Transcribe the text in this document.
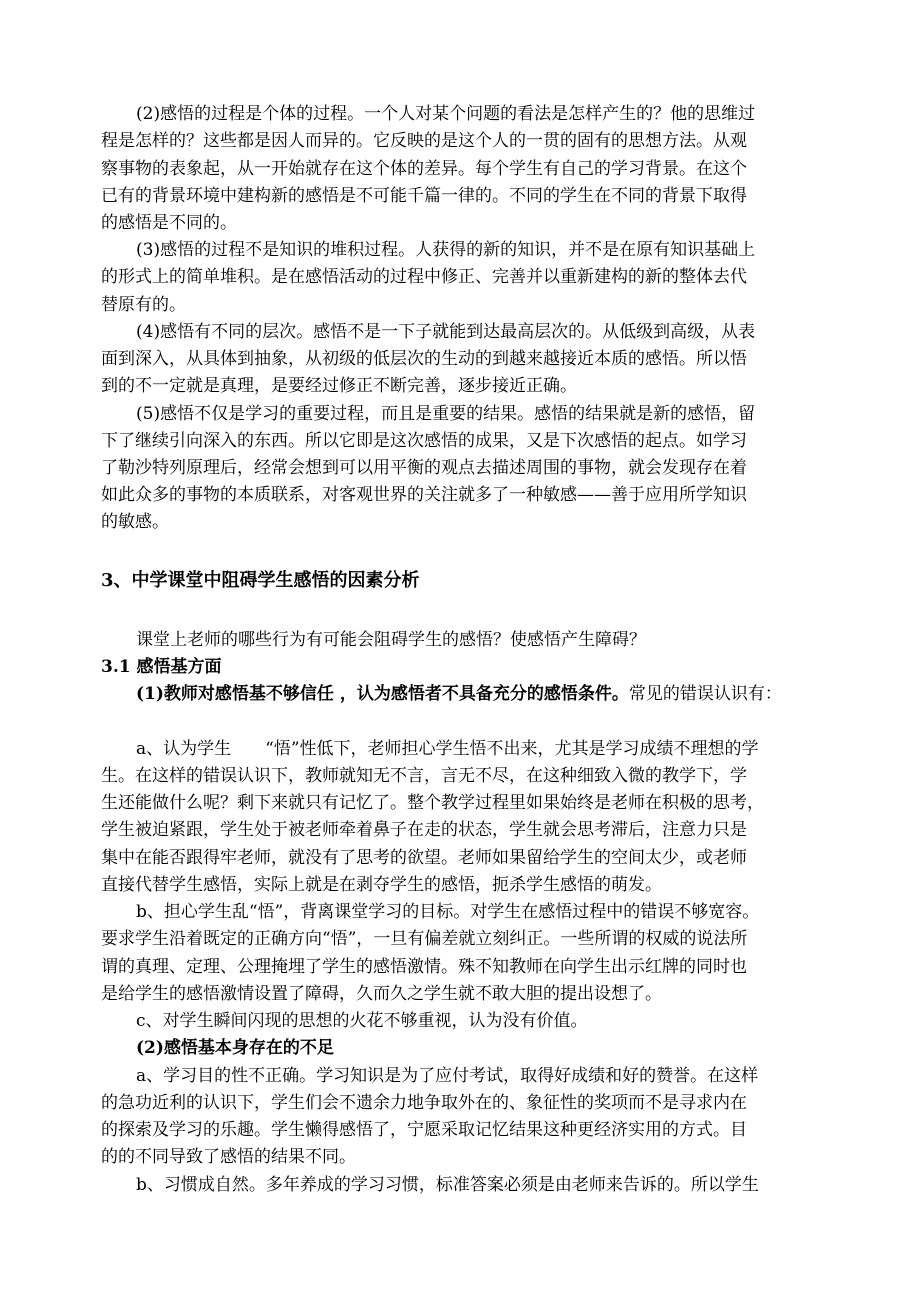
(2)感悟的过程是个体的过程。一个人对某个问题的看法是怎样产生的？他的思维过
程是怎样的？这些都是因人而异的。它反映的是这个人的一贯的固有的思想方法。从观
察事物的表象起，从一开始就存在这个体的差异。每个学生有自己的学习背景。在这个
已有的背景环境中建构新的感悟是不可能千篇一律的。不同的学生在不同的背景下取得
的感悟是不同的。
(3)感悟的过程不是知识的堆积过程。人获得的新的知识，并不是在原有知识基础上
的形式上的简单堆积。是在感悟活动的过程中修正、完善并以重新建构的新的整体去代
替原有的。
(4)感悟有不同的层次。感悟不是一下子就能到达最高层次的。从低级到高级，从表
面到深入，从具体到抽象，从初级的低层次的生动的到越来越接近本质的感悟。所以悟
到的不一定就是真理，是要经过修正不断完善，逐步接近正确。
(5)感悟不仅是学习的重要过程，而且是重要的结果。感悟的结果就是新的感悟，留
下了继续引向深入的东西。所以它即是这次感悟的成果，又是下次感悟的起点。如学习
了勒沙特列原理后，经常会想到可以用平衡的观点去描述周围的事物，就会发现存在着
如此众多的事物的本质联系，对客观世界的关注就多了一种敏感——善于应用所学知识
的敏感。
3、中学课堂中阻碍学生感悟的因素分析
课堂上老师的哪些行为有可能会阻碍学生的感悟？使感悟产生障碍？
3.1 感悟基方面
(1)教师对感悟基不够信任 ，认为感悟者不具备充分的感悟条件。常见的错误认识有：
a、认为学生　　“悟”性低下，老师担心学生悟不出来，尤其是学习成绩不理想的学
生。在这样的错误认识下，教师就知无不言，言无不尽，在这种细致入微的教学下，学
生还能做什么呢？剩下来就只有记忆了。整个教学过程里如果始终是老师在积极的思考，
学生被迫紧跟，学生处于被老师牵着鼻子在走的状态，学生就会思考滞后，注意力只是
集中在能否跟得牢老师，就没有了思考的欲望。老师如果留给学生的空间太少，或老师
直接代替学生感悟，实际上就是在剥夺学生的感悟，扼杀学生感悟的萌发。
b、担心学生乱“悟”，背离课堂学习的目标。对学生在感悟过程中的错误不够宽容。
要求学生沿着既定的正确方向“悟”，一旦有偏差就立刻纠正。一些所谓的权威的说法所
谓的真理、定理、公理掩埋了学生的感悟激情。殊不知教师在向学生出示红牌的同时也
是给学生的感悟激情设置了障碍，久而久之学生就不敢大胆的提出设想了。
c、对学生瞬间闪现的思想的火花不够重视，认为没有价值。
(2)感悟基本身存在的不足
a、学习目的性不正确。学习知识是为了应付考试，取得好成绩和好的赞誉。在这样
的急功近利的认识下，学生们会不遗余力地争取外在的、象征性的奖项而不是寻求内在
的探索及学习的乐趣。学生懒得感悟了，宁愿采取记忆结果这种更经济实用的方式。目
的的不同导致了感悟的结果不同。
b、习惯成自然。多年养成的学习习惯，标准答案必须是由老师来告诉的。所以学生
